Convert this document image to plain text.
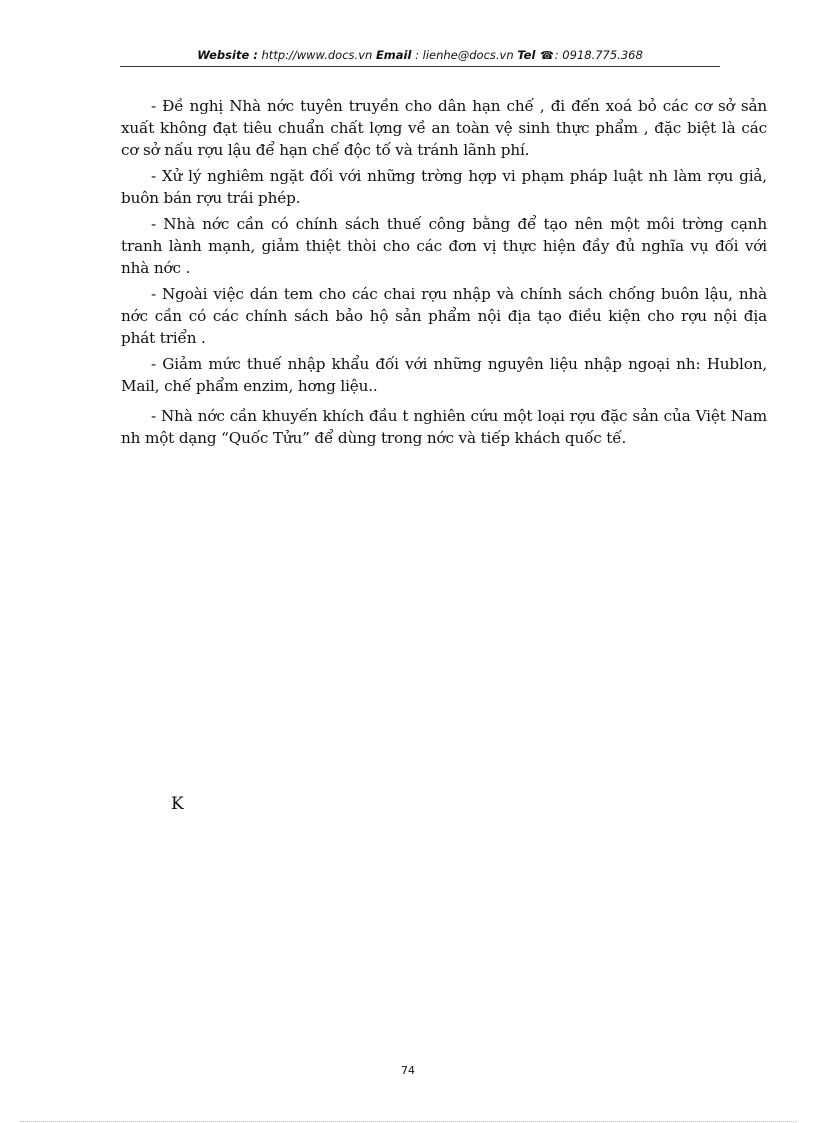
Website : http://www.docs.vn Email : lienhe@docs.vn Tel ☎: 0918.775.368

- Đề nghị Nhà nớc tuyên truyền cho dân hạn chế , đi đến xoá bỏ các cơ sở sản xuất không đạt tiêu chuẩn chất lợng về an toàn vệ sinh thực phẩm , đặc biệt là các cơ sở nấu rợu lậu để hạn chế độc tố và tránh lãnh phí.

- Xử lý nghiêm ngặt đối với những trờng hợp vi phạm pháp luật nh làm rợu giả, buôn bán rợu trái phép.

- Nhà nớc cần có chính sách thuế công bằng để tạo nên một môi trờng cạnh tranh lành mạnh, giảm thiệt thòi cho các đơn vị thực hiện đầy đủ nghĩa vụ đối với nhà nớc .

- Ngoài việc dán tem cho các chai rợu nhập và chính sách chống buôn lậu, nhà nớc cần có các chính sách bảo hộ sản phẩm nội địa tạo điều kiện cho rợu nội địa phát triển .

- Giảm mức thuế nhập khẩu đối với những nguyên liệu nhập ngoại nh: Hublon, Mail, chế phẩm enzim, hơng liệu..

- Nhà nớc cần khuyến khích đầu t nghiên cứu một loại rợu đặc sản của Việt Nam nh một dạng “Quốc Tửu” để dùng trong nớc và tiếp khách quốc tế.

K
74
